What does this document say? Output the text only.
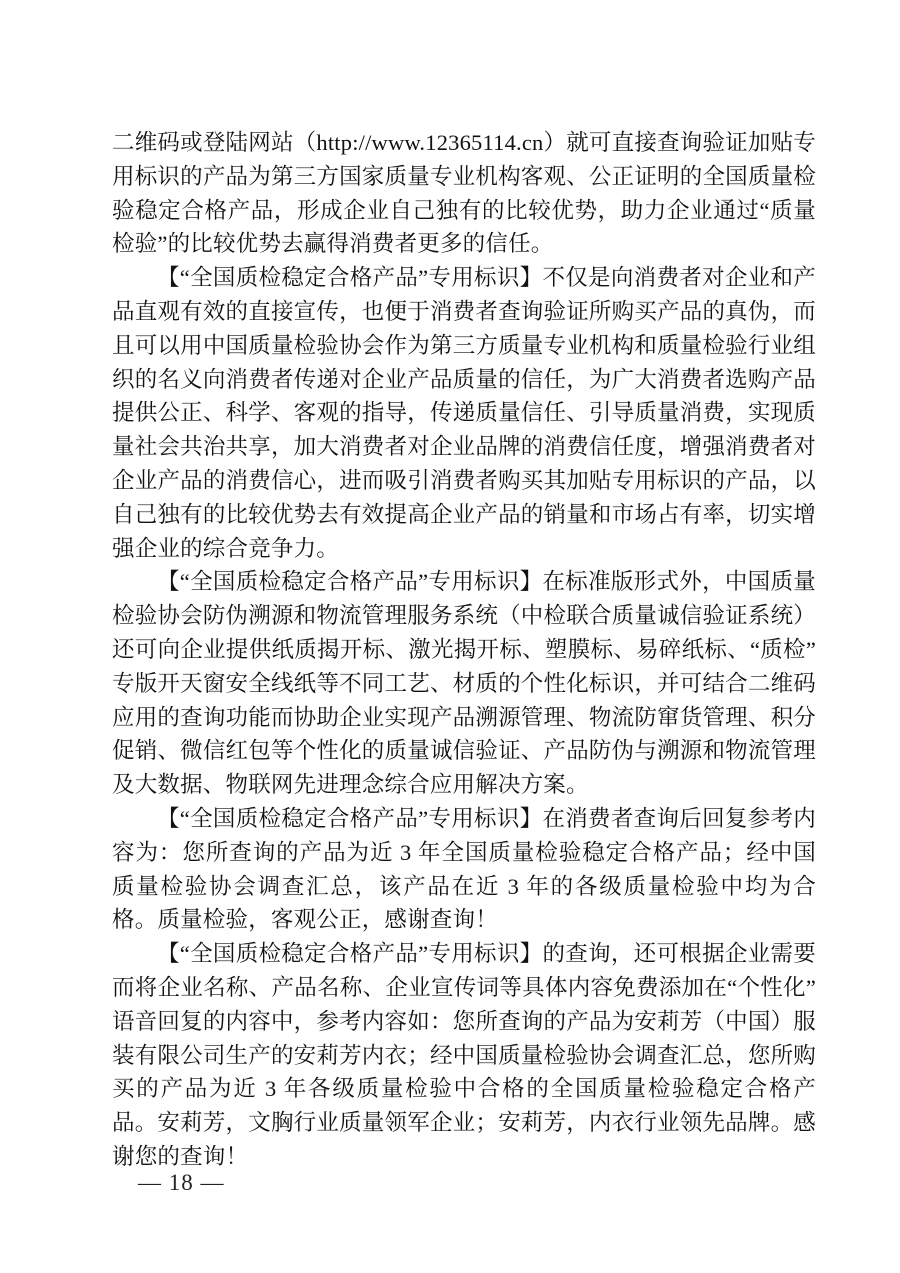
二维码或登陆网站（http://www.12365114.cn）就可直接查询验证加贴专用标识的产品为第三方国家质量专业机构客观、公正证明的全国质量检验稳定合格产品，形成企业自己独有的比较优势，助力企业通过“质量检验”的比较优势去赢得消费者更多的信任。

【“全国质检稳定合格产品”专用标识】不仅是向消费者对企业和产品直观有效的直接宣传，也便于消费者查询验证所购买产品的真伪，而且可以用中国质量检验协会作为第三方质量专业机构和质量检验行业组织的名义向消费者传递对企业产品质量的信任，为广大消费者选购产品提供公正、科学、客观的指导，传递质量信任、引导质量消费，实现质量社会共治共享，加大消费者对企业品牌的消费信任度，增强消费者对企业产品的消费信心，进而吸引消费者购买其加贴专用标识的产品，以自己独有的比较优势去有效提高企业产品的销量和市场占有率，切实增强企业的综合竞争力。

【“全国质检稳定合格产品”专用标识】在标准版形式外，中国质量检验协会防伪溯源和物流管理服务系统（中检联合质量诚信验证系统）还可向企业提供纸质揭开标、激光揭开标、塑膜标、易碎纸标、“质检”专版开天窗安全线纸等不同工艺、材质的个性化标识，并可结合二维码应用的查询功能而协助企业实现产品溯源管理、物流防窜货管理、积分促销、微信红包等个性化的质量诚信验证、产品防伪与溯源和物流管理及大数据、物联网先进理念综合应用解决方案。

【“全国质检稳定合格产品”专用标识】在消费者查询后回复参考内容为：您所查询的产品为近 3 年全国质量检验稳定合格产品；经中国质量检验协会调查汇总，该产品在近 3 年的各级质量检验中均为合格。质量检验，客观公正，感谢查询！

【“全国质检稳定合格产品”专用标识】的查询，还可根据企业需要而将企业名称、产品名称、企业宣传词等具体内容免费添加在“个性化”语音回复的内容中，参考内容如：您所查询的产品为安莉芳（中国）服装有限公司生产的安莉芳内衣；经中国质量检验协会调查汇总，您所购买的产品为近 3 年各级质量检验中合格的全国质量检验稳定合格产品。安莉芳，文胸行业质量领军企业；安莉芳，内衣行业领先品牌。感谢您的查询！

— 18 —
